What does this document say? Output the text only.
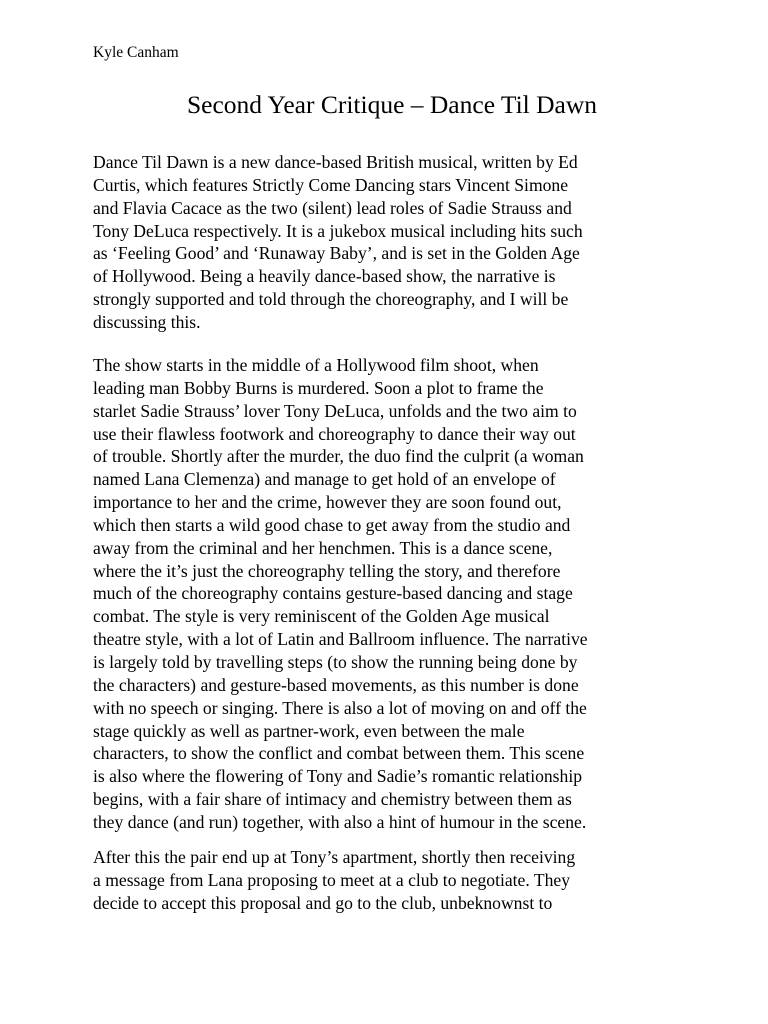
Kyle Canham

Second Year Critique – Dance Til Dawn
Dance Til Dawn is a new dance-based British musical, written by Ed
Curtis, which features Strictly Come Dancing stars Vincent Simone
and Flavia Cacace as the two (silent) lead roles of Sadie Strauss and
Tony DeLuca respectively. It is a jukebox musical including hits such
as ‘Feeling Good’ and ‘Runaway Baby’, and is set in the Golden Age
of Hollywood. Being a heavily dance-based show, the narrative is
strongly supported and told through the choreography, and I will be
discussing this.
The show starts in the middle of a Hollywood film shoot, when
leading man Bobby Burns is murdered. Soon a plot to frame the
starlet Sadie Strauss’ lover Tony DeLuca, unfolds and the two aim to
use their flawless footwork and choreography to dance their way out
of trouble. Shortly after the murder, the duo find the culprit (a woman
named Lana Clemenza) and manage to get hold of an envelope of
importance to her and the crime, however they are soon found out,
which then starts a wild good chase to get away from the studio and
away from the criminal and her henchmen. This is a dance scene,
where the it’s just the choreography telling the story, and therefore
much of the choreography contains gesture-based dancing and stage
combat. The style is very reminiscent of the Golden Age musical
theatre style, with a lot of Latin and Ballroom influence. The narrative
is largely told by travelling steps (to show the running being done by
the characters) and gesture-based movements, as this number is done
with no speech or singing. There is also a lot of moving on and off the
stage quickly as well as partner-work, even between the male
characters, to show the conflict and combat between them. This scene
is also where the flowering of Tony and Sadie’s romantic relationship
begins, with a fair share of intimacy and chemistry between them as
they dance (and run) together, with also a hint of humour in the scene.
After this the pair end up at Tony’s apartment, shortly then receiving
a message from Lana proposing to meet at a club to negotiate. They
decide to accept this proposal and go to the club, unbeknownst to
